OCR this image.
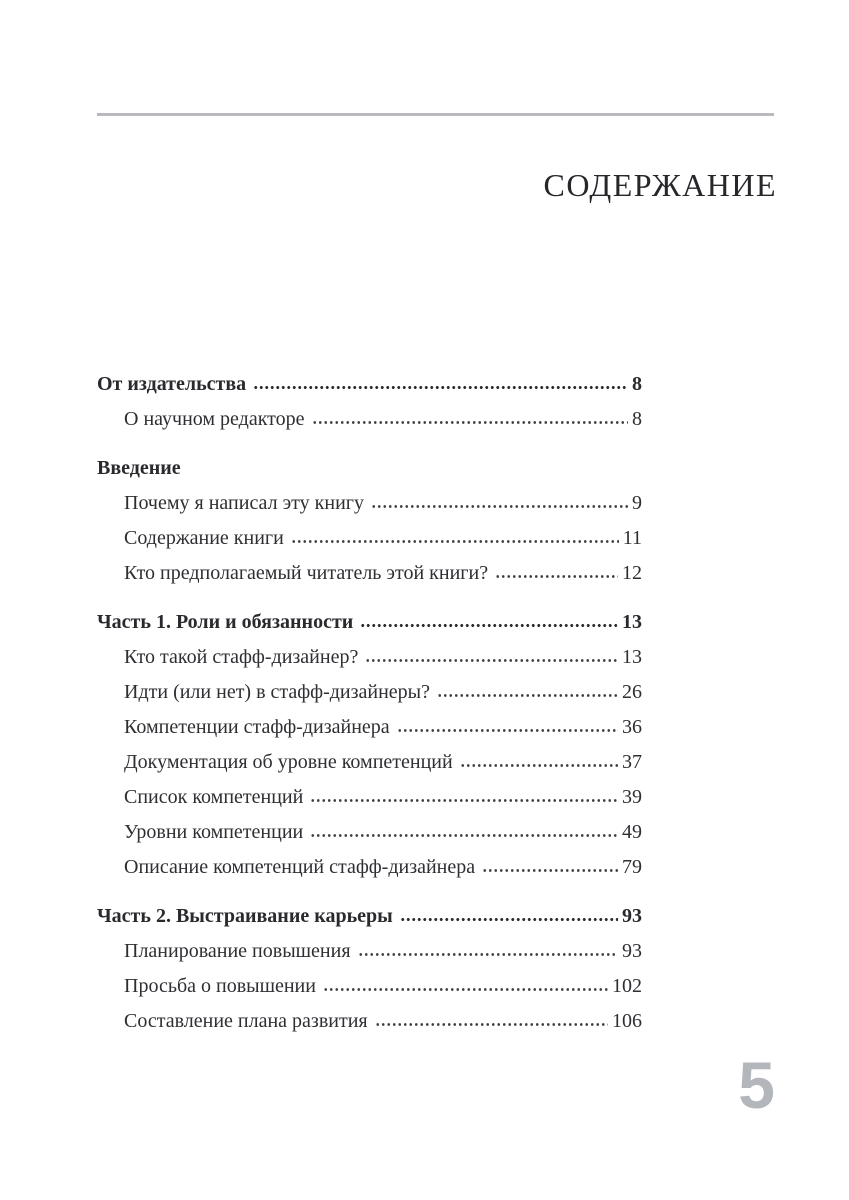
СОДЕРЖАНИЕ
От издательства	8
О научном редакторе	8
Введение
Почему я написал эту книгу	9
Содержание книги	11
Кто предполагаемый читатель этой книги?	12
Часть 1. Роли и обязанности	13
Кто такой стафф-дизайнер?	13
Идти (или нет) в стафф-дизайнеры?	26
Компетенции стафф-дизайнера	36
Документация об уровне компетенций	37
Список компетенций	39
Уровни компетенции	49
Описание компетенций стафф-дизайнера	79
Часть 2. Выстраивание карьеры	93
Планирование повышения	93
Просьба о повышении	102
Составление плана развития	106
5
